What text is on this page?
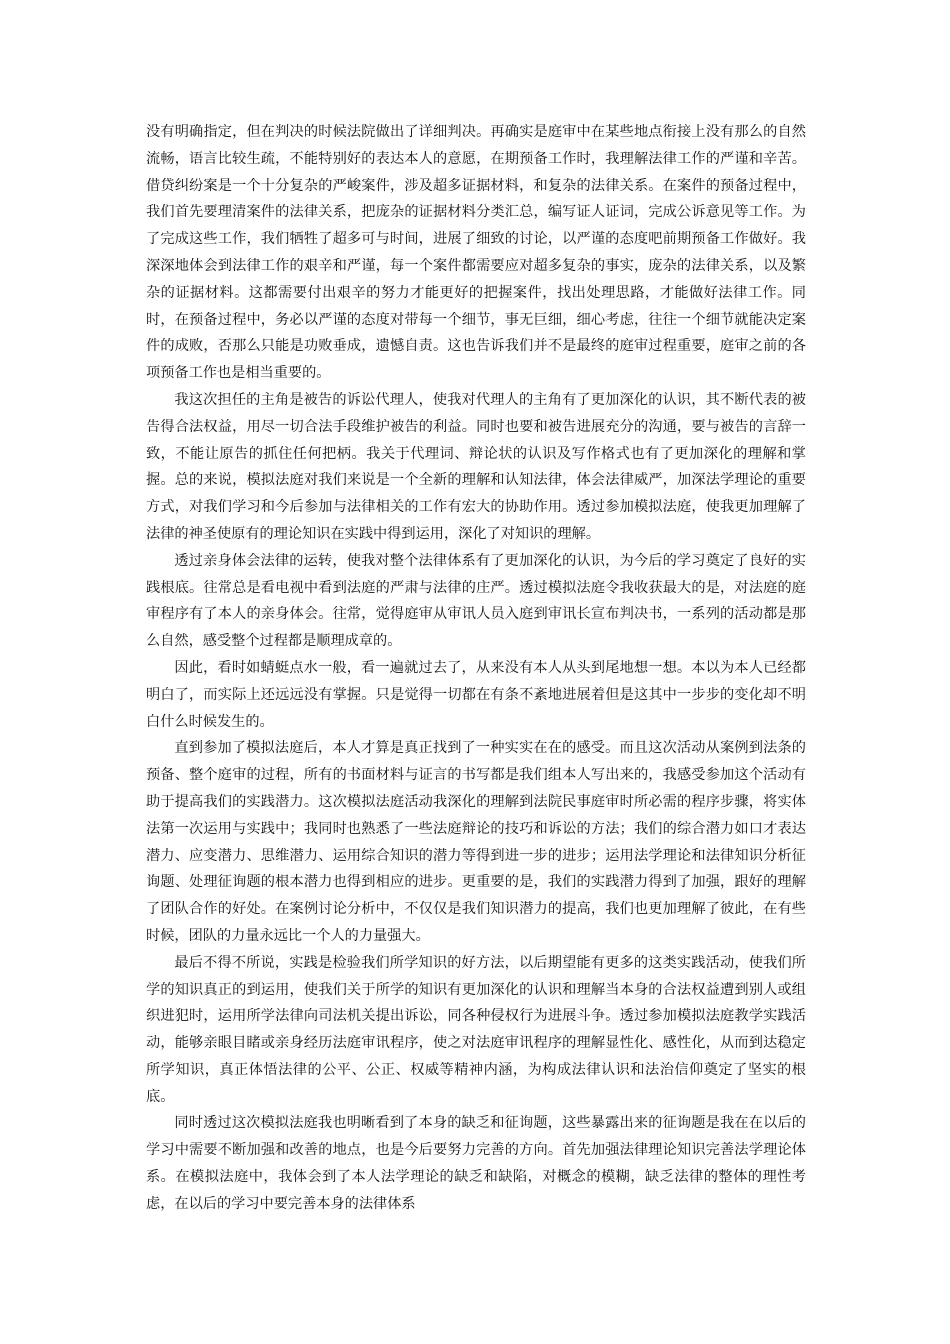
没有明确指定，但在判决的时候法院做出了详细判决。再确实是庭审中在某些地点衔接上没有那么的自然流畅，语言比较生疏，不能特别好的表达本人的意愿，在期预备工作时，我理解法律工作的严谨和辛苦。借贷纠纷案是一个十分复杂的严峻案件，涉及超多证据材料，和复杂的法律关系。在案件的预备过程中，我们首先要理清案件的法律关系，把庞杂的证据材料分类汇总，编写证人证词，完成公诉意见等工作。为了完成这些工作，我们牺牲了超多可与时间，进展了细致的讨论，以严谨的态度吧前期预备工作做好。我深深地体会到法律工作的艰辛和严谨，每一个案件都需要应对超多复杂的事实，庞杂的法律关系，以及繁杂的证据材料。这都需要付出艰辛的努力才能更好的把握案件，找出处理思路，才能做好法律工作。同时，在预备过程中，务必以严谨的态度对带每一个细节，事无巨细，细心考虑，往往一个细节就能决定案件的成败，否那么只能是功败垂成，遗憾自责。这也告诉我们并不是最终的庭审过程重要，庭审之前的各项预备工作也是相当重要的。

我这次担任的主角是被告的诉讼代理人，使我对代理人的主角有了更加深化的认识，其不断代表的被告得合法权益，用尽一切合法手段维护被告的利益。同时也要和被告进展充分的沟通，要与被告的言辞一致，不能让原告的抓住任何把柄。我关于代理词、辩论状的认识及写作格式也有了更加深化的理解和掌握。总的来说，模拟法庭对我们来说是一个全新的理解和认知法律，体会法律威严，加深法学理论的重要方式，对我们学习和今后参加与法律相关的工作有宏大的协助作用。透过参加模拟法庭，使我更加理解了法律的神圣使原有的理论知识在实践中得到运用，深化了对知识的理解。

透过亲身体会法律的运转，使我对整个法律体系有了更加深化的认识，为今后的学习奠定了良好的实践根底。往常总是看电视中看到法庭的严肃与法律的庄严。透过模拟法庭令我收获最大的是，对法庭的庭审程序有了本人的亲身体会。往常，觉得庭审从审讯人员入庭到审讯长宣布判决书，一系列的活动都是那么自然，感受整个过程都是顺理成章的。

因此，看时如蜻蜓点水一般，看一遍就过去了，从来没有本人从头到尾地想一想。本以为本人已经都明白了，而实际上还远远没有掌握。只是觉得一切都在有条不紊地进展着但是这其中一步步的变化却不明白什么时候发生的。

直到参加了模拟法庭后，本人才算是真正找到了一种实实在在的感受。而且这次活动从案例到法条的预备、整个庭审的过程，所有的书面材料与证言的书写都是我们组本人写出来的，我感受参加这个活动有助于提高我们的实践潜力。这次模拟法庭活动我深化的理解到法院民事庭审时所必需的程序步骤，将实体法第一次运用与实践中；我同时也熟悉了一些法庭辩论的技巧和诉讼的方法；我们的综合潜力如口才表达潜力、应变潜力、思维潜力、运用综合知识的潜力等得到进一步的进步；运用法学理论和法律知识分析征询题、处理征询题的根本潜力也得到相应的进步。更重要的是，我们的实践潜力得到了加强，跟好的理解了团队合作的好处。在案例讨论分析中，不仅仅是我们知识潜力的提高，我们也更加理解了彼此，在有些时候，团队的力量永远比一个人的力量强大。

最后不得不所说，实践是检验我们所学知识的好方法，以后期望能有更多的这类实践活动，使我们所学的知识真正的到运用，使我们关于所学的知识有更加深化的认识和理解当本身的合法权益遭到别人或组织进犯时，运用所学法律向司法机关提出诉讼，同各种侵权行为进展斗争。透过参加模拟法庭教学实践活动，能够亲眼目睹或亲身经历法庭审讯程序，使之对法庭审讯程序的理解显性化、感性化，从而到达稳定所学知识，真正体悟法律的公平、公正、权威等精神内涵，为构成法律认识和法治信仰奠定了坚实的根底。

同时透过这次模拟法庭我也明晰看到了本身的缺乏和征询题，这些暴露出来的征询题是我在在以后的学习中需要不断加强和改善的地点，也是今后要努力完善的方向。首先加强法律理论知识完善法学理论体系。在模拟法庭中，我体会到了本人法学理论的缺乏和缺陷，对概念的模糊，缺乏法律的整体的理性考虑，在以后的学习中要完善本身的法律体系
